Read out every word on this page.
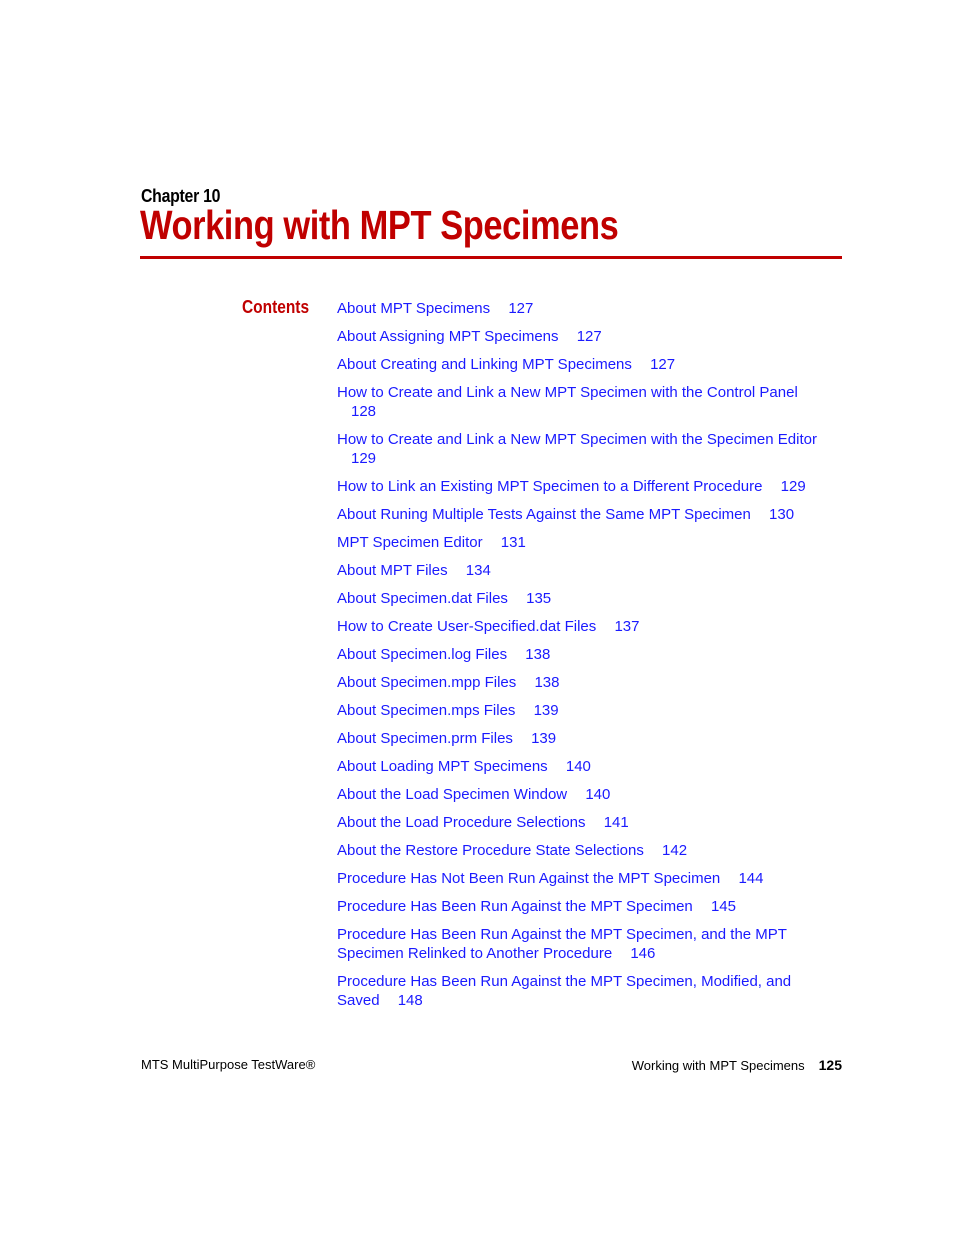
Chapter 10
Working with MPT Specimens
Contents About MPT Specimens 127
About Assigning MPT Specimens 127
About Creating and Linking MPT Specimens 127
How to Create and Link a New MPT Specimen with the Control Panel 128
How to Create and Link a New MPT Specimen with the Specimen Editor 129
How to Link an Existing MPT Specimen to a Different Procedure 129
About Runing Multiple Tests Against the Same MPT Specimen 130
MPT Specimen Editor 131
About MPT Files 134
About Specimen.dat Files 135
How to Create User-Specified.dat Files 137
About Specimen.log Files 138
About Specimen.mpp Files 138
About Specimen.mps Files 139
About Specimen.prm Files 139
About Loading MPT Specimens 140
About the Load Specimen Window 140
About the Load Procedure Selections 141
About the Restore Procedure State Selections 142
Procedure Has Not Been Run Against the MPT Specimen 144
Procedure Has Been Run Against the MPT Specimen 145
Procedure Has Been Run Against the MPT Specimen, and the MPT Specimen Relinked to Another Procedure 146
Procedure Has Been Run Against the MPT Specimen, Modified, and Saved 148
MTS MultiPurpose TestWare®	Working with MPT Specimens 125
